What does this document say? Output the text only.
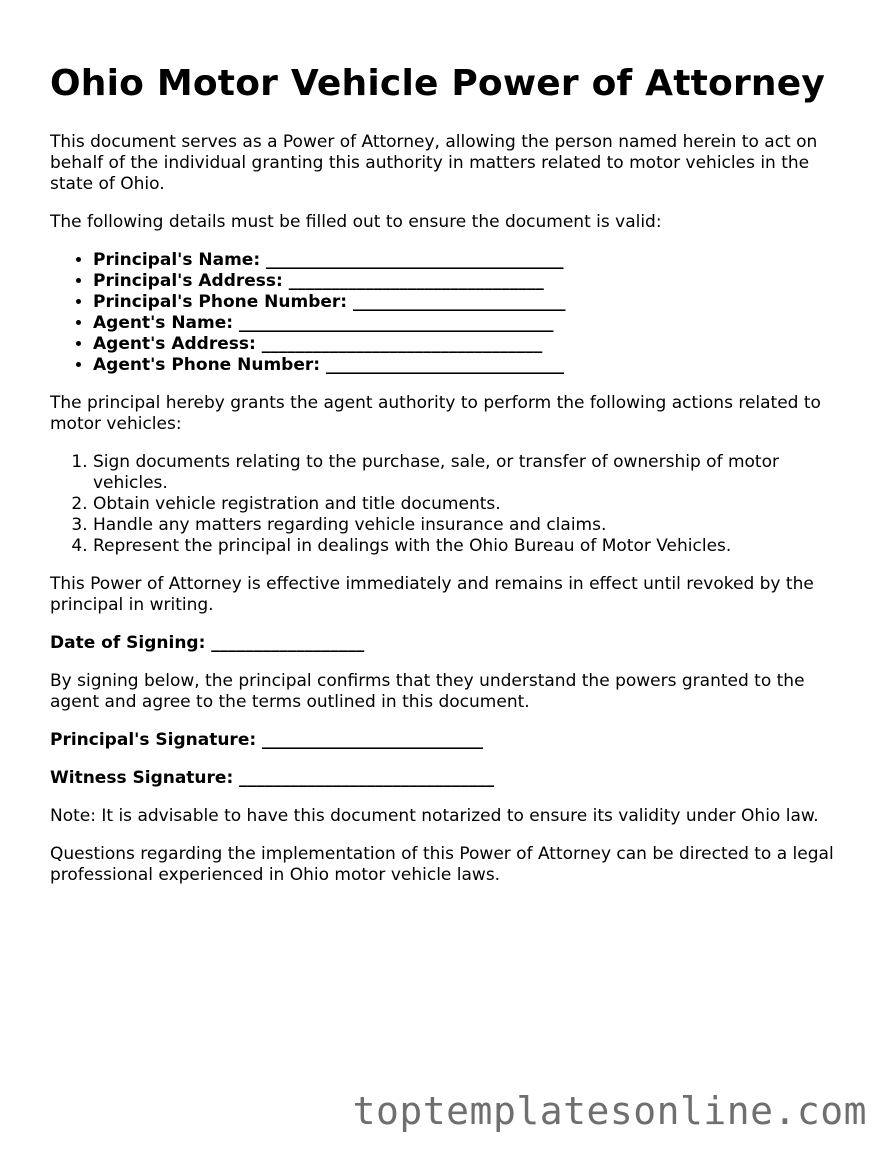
Ohio Motor Vehicle Power of Attorney

This document serves as a Power of Attorney, allowing the person named herein to act on behalf of the individual granting this authority in matters related to motor vehicles in the state of Ohio.

The following details must be filled out to ensure the document is valid:

• Principal's Name: ___________________________________
• Principal's Address: ______________________________
• Principal's Phone Number: _________________________
• Agent's Name: _____________________________________
• Agent's Address: _________________________________
• Agent's Phone Number: ____________________________

The principal hereby grants the agent authority to perform the following actions related to motor vehicles:

1. Sign documents relating to the purchase, sale, or transfer of ownership of motor vehicles.
2. Obtain vehicle registration and title documents.
3. Handle any matters regarding vehicle insurance and claims.
4. Represent the principal in dealings with the Ohio Bureau of Motor Vehicles.

This Power of Attorney is effective immediately and remains in effect until revoked by the principal in writing.

Date of Signing: __________________

By signing below, the principal confirms that they understand the powers granted to the agent and agree to the terms outlined in this document.

Principal's Signature: __________________________

Witness Signature: ______________________________

Note: It is advisable to have this document notarized to ensure its validity under Ohio law.

Questions regarding the implementation of this Power of Attorney can be directed to a legal professional experienced in Ohio motor vehicle laws.

toptemplatesonline.com
